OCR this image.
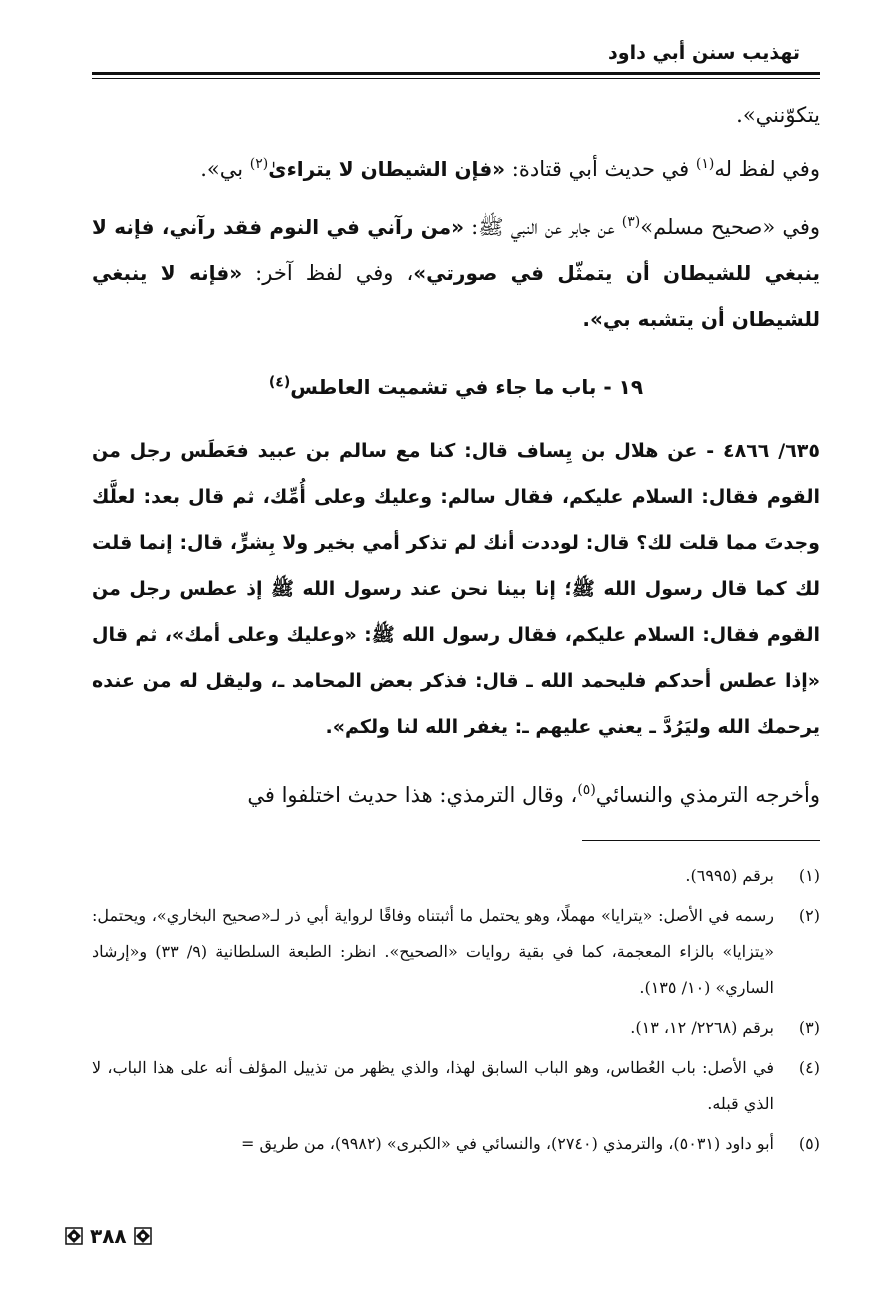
تهذيب سنن أبي داود
يتكوّنني».
وفي لفظ له$^{(١)}$ في حديث أبي قتادة: «فإن الشيطان لا يتراءىٰ$^{(٢)}$ بي».
وفي «صحيح مسلم»$^{(٣)}$ عن جابر عن النبي ﷺ: «من رآني في النوم فقد رآني، فإنه لا ينبغي للشيطان أن يتمثّل في صورتي»، وفي لفظ آخر: «فإنه لا ينبغي للشيطان أن يتشبه بي».
١٩ - باب ما جاء في تشميت العاطس$^{(٤)}$
٦٣٥/ ٤٨٦٦ - عن هلال بن يِساف قال: كنا مع سالم بن عبيد فعَطَس رجل من القوم فقال: السلام عليكم، فقال سالم: وعليك وعلى أُمِّك، ثم قال بعد: لعلَّك وجدتَ مما قلت لك؟ قال: لوددت أنك لم تذكر أمي بخير ولا بِشرٍّ، قال: إنما قلت لك كما قال رسول الله ﷺ؛ إنا بينا نحن عند رسول الله ﷺ إذ عطس رجل من القوم فقال: السلام عليكم، فقال رسول الله ﷺ: «وعليك وعلى أمك»، ثم قال «إذا عطس أحدكم فليحمد الله ـ قال: فذكر بعض المحامد ـ، وليقل له من عنده يرحمك الله وليَرُدَّ ـ يعني عليهم ـ: يغفر الله لنا ولكم».
وأخرجه الترمذي والنسائي$^{(٥)}$، وقال الترمذي: هذا حديث اختلفوا في
(١)
برقم (٦٩٩٥).
(٢)
رسمه في الأصل: «يترايا» مهملًا، وهو يحتمل ما أثبتناه وفاقًا لرواية أبي ذر لـ«صحيح البخاري»، ويحتمل: «يتزايا» بالزاء المعجمة، كما في بقية روايات «الصحيح». انظر: الطبعة السلطانية (٩/ ٣٣) و«إرشاد الساري» (١٠/ ١٣٥).
(٣)
برقم (٢٢٦٨/ ١٢، ١٣).
(٤)
في الأصل: باب العُطاس، وهو الباب السابق لهذا، والذي يظهر من تذييل المؤلف أنه على هذا الباب، لا الذي قبله.
(٥)
أبو داود (٥٠٣١)، والترمذي (٢٧٤٠)، والنسائي في «الكبرى» (٩٩٨٢)، من طريق =
٣٨٨
